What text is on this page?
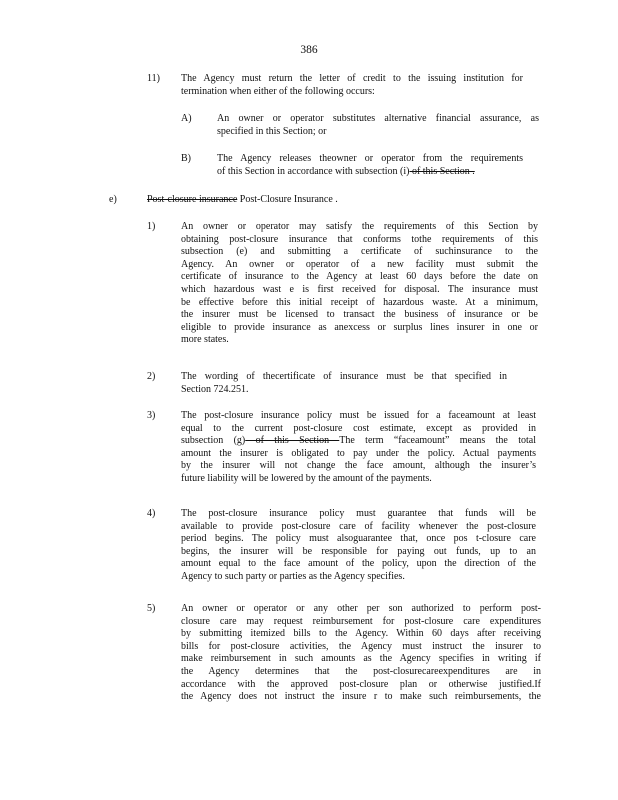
386
11) The Agency must return the letter of credit to the issuing institution for
termination when either of the following occurs:
A)	An owner or operator substitutes alternative financial assurance, as
specified in this Section; or
B)	The Agency releases theowner or operator from the requirements
of this Section in accordance with subsection (i) of this Section .
e)	Post-closure insurance Post-Closure Insurance .
1)	An owner or operator may satisfy the requirements of this Section by
obtaining post-closure insurance that conforms tothe requirements of this
subsection (e) and submitting a certificate of suchinsurance to the
Agency. An owner or operator of a new facility must submit the
certificate of insurance to the Agency at least 60 days before the date on
which hazardous wast e is first received for disposal. The insurance must
be effective before this initial receipt of hazardous waste. At a minimum,
the insurer must be licensed to transact the business of insurance or be
eligible to provide insurance as anexcess or surplus lines insurer in one or
more states.
2)	The wording of thecertificate of insurance must be that specified in
Section 724.251.
3)	The post-closure insurance policy must be issued for a faceamount at least
equal to the current post-closure cost estimate, except as provided in
subsection (g) of this Section The term “faceamount” means the total
amount the insurer is obligated to pay under the policy. Actual payments
by the insurer will not change the face amount, although the insurer’s
future liability will be lowered by the amount of the payments.
4)	The post-closure insurance policy must guarantee that funds will be
available to provide post-closure care of facility whenever the post-closure
period begins. The policy must alsoguarantee that, once pos t-closure care
begins, the insurer will be responsible for paying out funds, up to an
amount equal to the face amount of the policy, upon the direction of the
Agency to such party or parties as the Agency specifies.
5)	An owner or operator or any other per son authorized to perform post-
closure care may request reimbursement for post-closure care expenditures
by submitting itemized bills to the Agency. Within 60 days after receiving
bills for post-closure activities, the Agency must instruct the insurer to
make reimbursement in such amounts as the Agency specifies in writing if
the Agency determines that the post-closurecareexpenditures are in
accordance with the approved post-closure plan or otherwise justified.If
the Agency does not instruct the insure r to make such reimbursements, the
